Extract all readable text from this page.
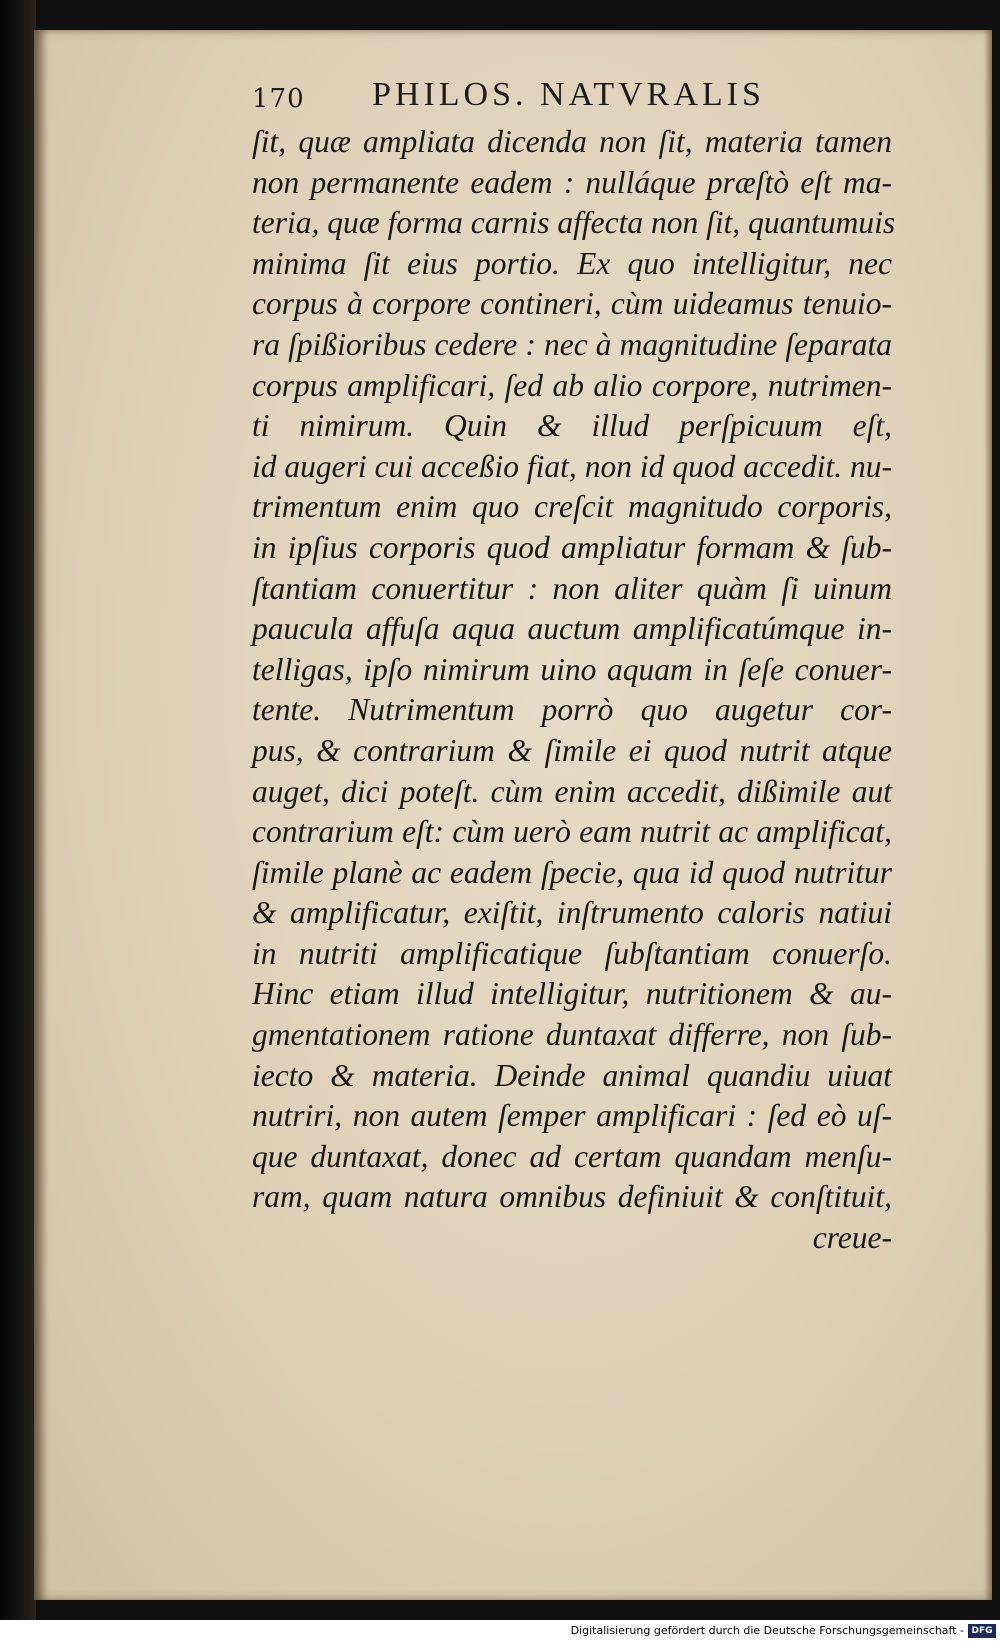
170 PHILOS. NATVRALIS
ſit, quæ ampliata dicenda non ſit, materia tamen
non permanente eadem : nulláque præſtò eſt ma-
teria, quæ forma carnis affecta non ſit, quantumuis
minima ſit eius portio. Ex quo intelligitur, nec
corpus à corpore contineri, cùm uideamus tenuio-
ra ſpißioribus cedere : nec à magnitudine ſeparata
corpus amplificari, ſed ab alio corpore, nutrimen-
ti nimirum. Quin & illud perſpicuum eſt,
id augeri cui acceßio fiat, non id quod accedit. nu-
trimentum enim quo creſcit magnitudo corporis,
in ipſius corporis quod ampliatur formam & ſub-
ſtantiam conuertitur : non aliter quàm ſi uinum
paucula affuſa aqua auctum amplificatúmque in-
telligas, ipſo nimirum uino aquam in ſeſe conuer-
tente. Nutrimentum porrò quo augetur cor-
pus, & contrarium & ſimile ei quod nutrit atque
auget, dici poteſt. cùm enim accedit, dißimile aut
contrarium eſt: cùm uerò eam nutrit ac amplificat,
ſimile planè ac eadem ſpecie, qua id quod nutritur
& amplificatur, exiſtit, inſtrumento caloris natiui
in nutriti amplificatique ſubſtantiam conuerſo.
Hinc etiam illud intelligitur, nutritionem & au-
gmentationem ratione duntaxat differre, non ſub-
iecto & materia. Deinde animal quandiu uiuat
nutriri, non autem ſemper amplificari : ſed eò uſ-
que duntaxat, donec ad certam quandam menſu-
ram, quam natura omnibus definiuit & conſtituit,
creue-
Digitalisierung gefördert durch die Deutsche Forschungsgemeinschaft - DFG
